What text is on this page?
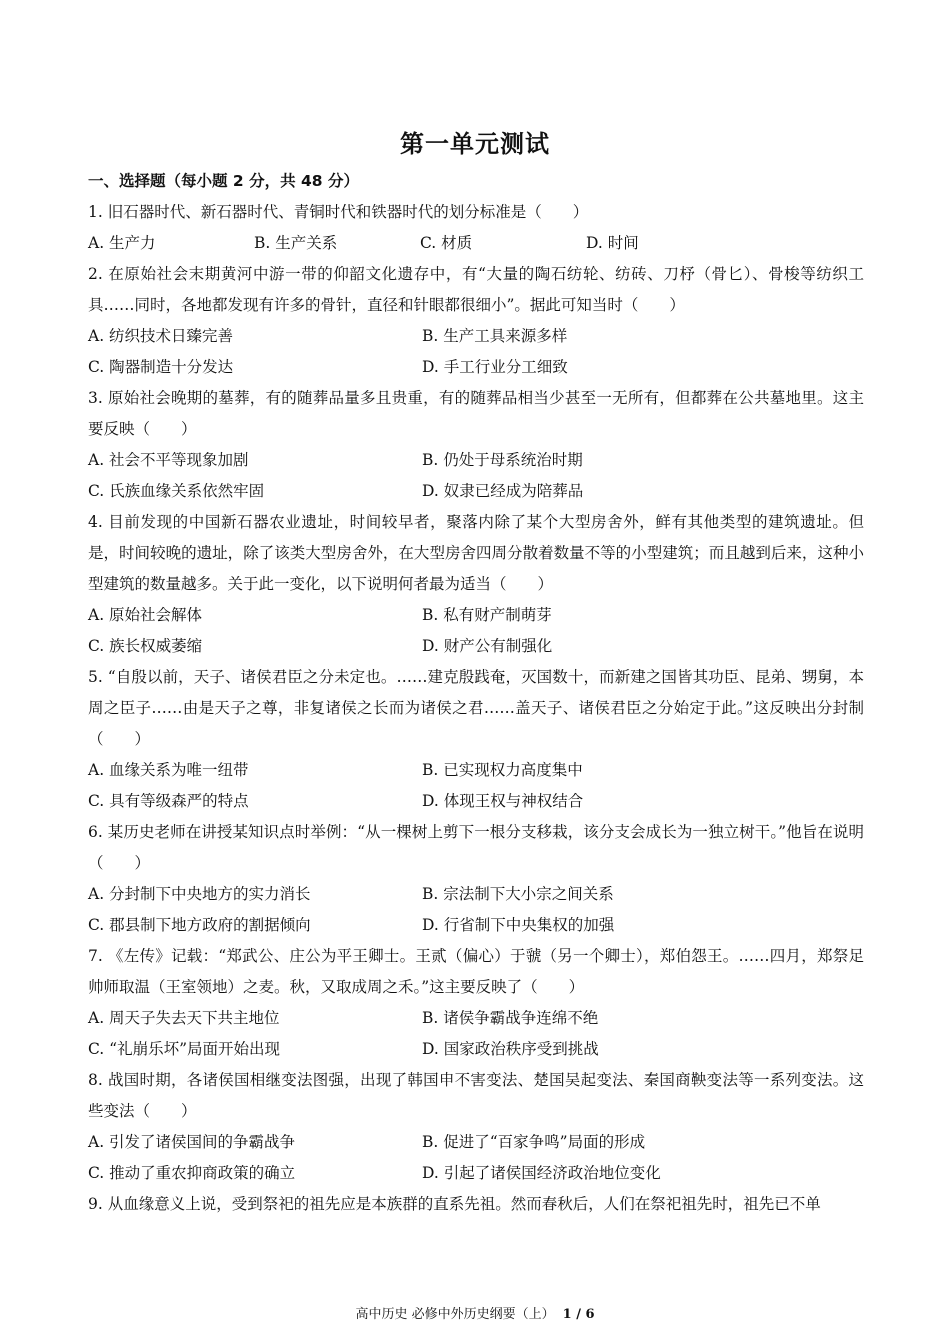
第一单元测试
一、选择题（每小题 2 分，共 48 分）
1. 旧石器时代、新石器时代、青铜时代和铁器时代的划分标准是（　　）
A. 生产力	B. 生产关系	C. 材质	D. 时间
2. 在原始社会末期黄河中游一带的仰韶文化遗存中，有“大量的陶石纺轮、纺砖、刀杼（骨匕）、骨梭等纺织工具……同时，各地都发现有许多的骨针，直径和针眼都很细小”。据此可知当时（　　）
A. 纺织技术日臻完善	B. 生产工具来源多样
C. 陶器制造十分发达	D. 手工行业分工细致
3. 原始社会晚期的墓葬，有的随葬品量多且贵重，有的随葬品相当少甚至一无所有，但都葬在公共墓地里。这主要反映（　　）
A. 社会不平等现象加剧	B. 仍处于母系统治时期
C. 氏族血缘关系依然牢固	D. 奴隶已经成为陪葬品
4. 目前发现的中国新石器农业遗址，时间较早者，聚落内除了某个大型房舍外，鲜有其他类型的建筑遗址。但是，时间较晚的遗址，除了该类大型房舍外，在大型房舍四周分散着数量不等的小型建筑；而且越到后来，这种小型建筑的数量越多。关于此一变化，以下说明何者最为适当（　　）
A. 原始社会解体	B. 私有财产制萌芽
C. 族长权威萎缩	D. 财产公有制强化
5. “自殷以前，天子、诸侯君臣之分未定也。……建克殷践奄，灭国数十，而新建之国皆其功臣、昆弟、甥舅，本周之臣子……由是天子之尊，非复诸侯之长而为诸侯之君……盖天子、诸侯君臣之分始定于此。”这反映出分封制（　　）
A. 血缘关系为唯一纽带	B. 已实现权力高度集中
C. 具有等级森严的特点	D. 体现王权与神权结合
6. 某历史老师在讲授某知识点时举例：“从一棵树上剪下一根分支移栽，该分支会成长为一独立树干。”他旨在说明（　　）
A. 分封制下中央地方的实力消长	B. 宗法制下大小宗之间关系
C. 郡县制下地方政府的割据倾向	D. 行省制下中央集权的加强
7. 《左传》记载：“郑武公、庄公为平王卿士。王贰（偏心）于虢（另一个卿士），郑伯怨王。……四月，郑祭足帅师取温（王室领地）之麦。秋，又取成周之禾。”这主要反映了（　　）
A. 周天子失去天下共主地位	B. 诸侯争霸战争连绵不绝
C. “礼崩乐坏”局面开始出现	D. 国家政治秩序受到挑战
8. 战国时期，各诸侯国相继变法图强，出现了韩国申不害变法、楚国吴起变法、秦国商鞅变法等一系列变法。这些变法（　　）
A. 引发了诸侯国间的争霸战争	B. 促进了“百家争鸣”局面的形成
C. 推动了重农抑商政策的确立	D. 引起了诸侯国经济政治地位变化
9. 从血缘意义上说，受到祭祀的祖先应是本族群的直系先祖。然而春秋后，人们在祭祀祖先时，祖先已不单
高中历史 必修中外历史纲要（上） 1 / 6
